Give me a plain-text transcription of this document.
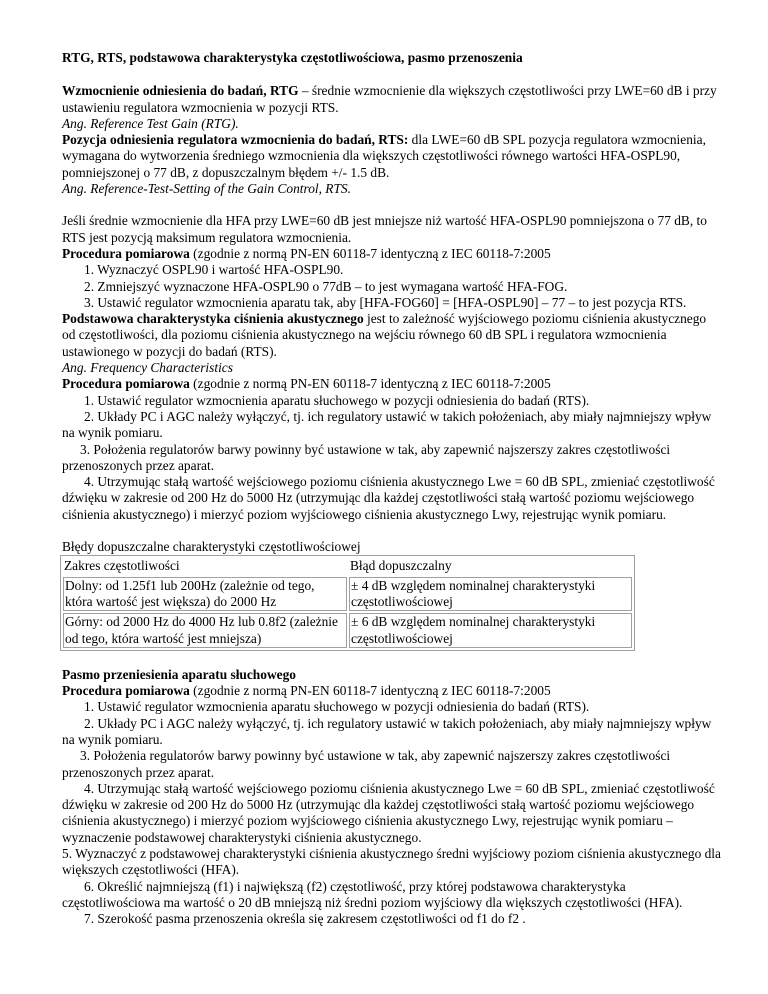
RTG, RTS, podstawowa charakterystyka częstotliwościowa, pasmo przenoszenia

Wzmocnienie odniesienia do badań, RTG – średnie wzmocnienie dla większych częstotliwości przy LWE=60 dB i przy ustawieniu regulatora wzmocnienia w pozycji RTS.

Ang. Reference Test Gain (RTG).

Pozycja odniesienia regulatora wzmocnienia do badań, RTS: dla LWE=60 dB SPL pozycja regulatora wzmocnienia, wymagana do wytworzenia średniego wzmocnienia dla większych częstotliwości równego wartości HFA-OSPL90, pomniejszonej o 77 dB, z dopuszczalnym błędem +/- 1.5 dB.

Ang. Reference-Test-Setting of the Gain Control, RTS.

Jeśli średnie wzmocnienie dla HFA przy LWE=60 dB jest mniejsze niż wartość HFA-OSPL90 pomniejszona o 77 dB, to RTS jest pozycją maksimum regulatora wzmocnienia.

Procedura pomiarowa (zgodnie z normą PN-EN 60118-7 identyczną z IEC 60118-7:2005

1. Wyznaczyć OSPL90 i wartość HFA-OSPL90.

2. Zmniejszyć wyznaczone HFA-OSPL90 o 77dB – to jest wymagana wartość HFA-FOG.

3. Ustawić regulator wzmocnienia aparatu tak, aby [HFA-FOG60] = [HFA-OSPL90] – 77 – to jest pozycja RTS.

Podstawowa charakterystyka ciśnienia akustycznego jest to zależność wyjściowego poziomu ciśnienia akustycznego od częstotliwości, dla poziomu ciśnienia akustycznego na wejściu równego 60 dB SPL i regulatora wzmocnienia ustawionego w pozycji do badań (RTS).

Ang. Frequency Characteristics

Procedura pomiarowa (zgodnie z normą PN-EN 60118-7 identyczną z IEC 60118-7:2005

1. Ustawić regulator wzmocnienia aparatu słuchowego w pozycji odniesienia do badań (RTS).

2. Układy PC i AGC należy wyłączyć, tj. ich regulatory ustawić w takich położeniach, aby miały najmniejszy wpływ na wynik pomiaru.

3. Położenia regulatorów barwy powinny być ustawione w tak, aby zapewnić najszerszy zakres częstotliwości przenoszonych przez aparat.

4. Utrzymując stałą wartość wejściowego poziomu ciśnienia akustycznego Lwe = 60 dB SPL, zmieniać częstotliwość dźwięku w zakresie od 200 Hz do 5000 Hz (utrzymując dla każdej częstotliwości stałą wartość poziomu wejściowego ciśnienia akustycznego) i mierzyć poziom wyjściowego ciśnienia akustycznego Lwy, rejestrując wynik pomiaru.

Błędy dopuszczalne charakterystyki częstotliwościowej

Zakres częstotliwości	Błąd dopuszczalny
Dolny: od 1.25f1 lub 200Hz (zależnie od tego, która wartość jest większa) do 2000 Hz	± 4 dB względem nominalnej charakterystyki częstotliwościowej
Górny: od 2000 Hz do 4000 Hz lub 0.8f2 (zależnie od tego, która wartość jest mniejsza)	± 6 dB względem nominalnej charakterystyki częstotliwościowej

Pasmo przeniesienia aparatu słuchowego

Procedura pomiarowa (zgodnie z normą PN-EN 60118-7 identyczną z IEC 60118-7:2005

1. Ustawić regulator wzmocnienia aparatu słuchowego w pozycji odniesienia do badań (RTS).

2. Układy PC i AGC należy wyłączyć, tj. ich regulatory ustawić w takich położeniach, aby miały najmniejszy wpływ na wynik pomiaru.

3. Położenia regulatorów barwy powinny być ustawione w tak, aby zapewnić najszerszy zakres częstotliwości przenoszonych przez aparat.

4. Utrzymując stałą wartość wejściowego poziomu ciśnienia akustycznego Lwe = 60 dB SPL, zmieniać częstotliwość dźwięku w zakresie od 200 Hz do 5000 Hz (utrzymując dla każdej częstotliwości stałą wartość poziomu wejściowego ciśnienia akustycznego) i mierzyć poziom wyjściowego ciśnienia akustycznego Lwy, rejestrując wynik pomiaru – wyznaczenie podstawowej charakterystyki ciśnienia akustycznego.

5. Wyznaczyć z podstawowej charakterystyki ciśnienia akustycznego średni wyjściowy poziom ciśnienia akustycznego dla większych częstotliwości (HFA).

6. Określić najmniejszą (f1) i największą (f2) częstotliwość, przy której podstawowa charakterystyka częstotliwościowa ma wartość o 20 dB mniejszą niż średni poziom wyjściowy dla większych częstotliwości (HFA).

7. Szerokość pasma przenoszenia określa się zakresem częstotliwości od f1 do f2 .
